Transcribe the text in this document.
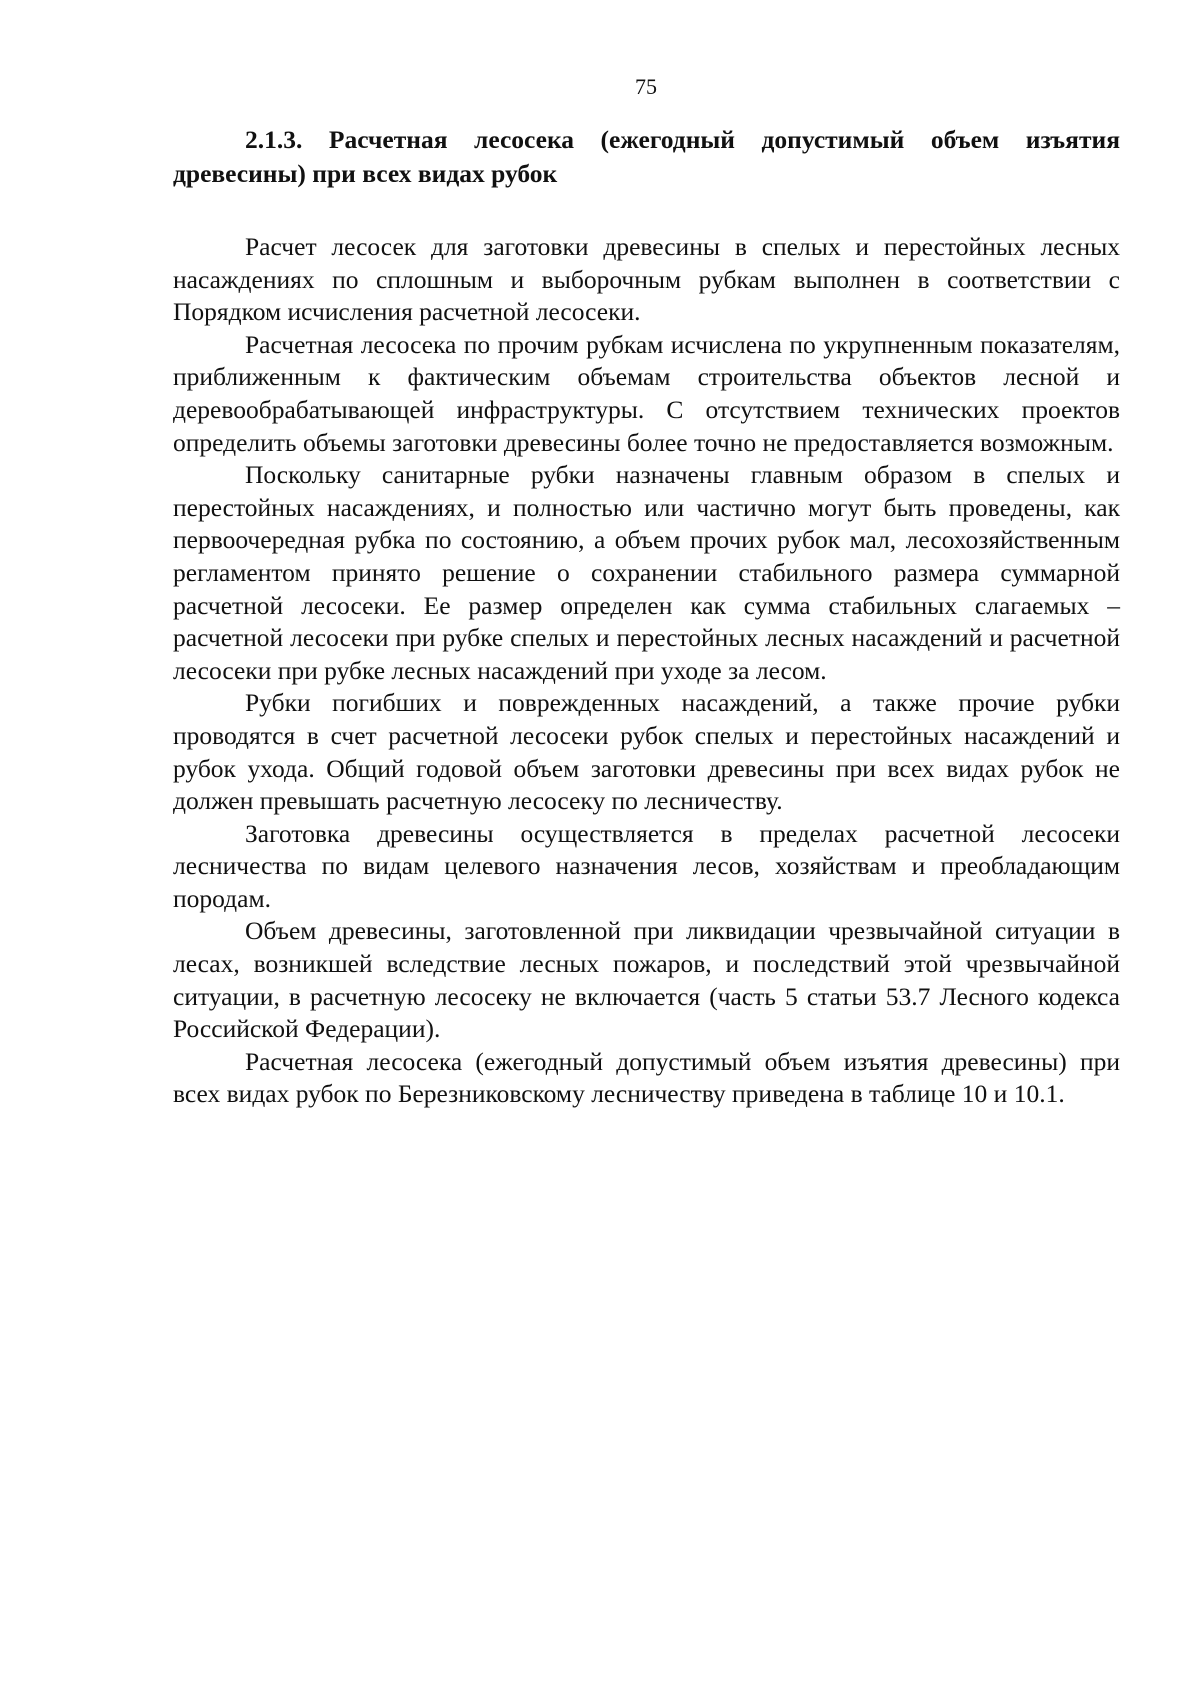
75
2.1.3. Расчетная лесосека (ежегодный допустимый объем изъятия древесины) при всех видах рубок

Расчет лесосек для заготовки древесины в спелых и перестойных лесных насаждениях по сплошным и выборочным рубкам выполнен в соответствии с Порядком исчисления расчетной лесосеки.

Расчетная лесосека по прочим рубкам исчислена по укрупненным показателям, приближенным к фактическим объемам строительства объектов лесной и деревообрабатывающей инфраструктуры. С отсутствием технических проектов определить объемы заготовки древесины более точно не предоставляется возможным.

Поскольку санитарные рубки назначены главным образом в спелых и перестойных насаждениях, и полностью или частично могут быть проведены, как первоочередная рубка по состоянию, а объем прочих рубок мал, лесохозяйственным регламентом принято решение о сохранении стабильного размера суммарной расчетной лесосеки. Ее размер определен как сумма стабильных слагаемых – расчетной лесосеки при рубке спелых и перестойных лесных насаждений и расчетной лесосеки при рубке лесных насаждений при уходе за лесом.

Рубки погибших и поврежденных насаждений, а также прочие рубки проводятся в счет расчетной лесосеки рубок спелых и перестойных насаждений и рубок ухода. Общий годовой объем заготовки древесины при всех видах рубок не должен превышать расчетную лесосеку по лесничеству.

Заготовка древесины осуществляется в пределах расчетной лесосеки лесничества по видам целевого назначения лесов, хозяйствам и преобладающим породам.

Объем древесины, заготовленной при ликвидации чрезвычайной ситуации в лесах, возникшей вследствие лесных пожаров, и последствий этой чрезвычайной ситуации, в расчетную лесосеку не включается (часть 5 статьи 53.7 Лесного кодекса Российской Федерации).

Расчетная лесосека (ежегодный допустимый объем изъятия древесины) при всех видах рубок по Березниковскому лесничеству приведена в таблице 10 и 10.1.
